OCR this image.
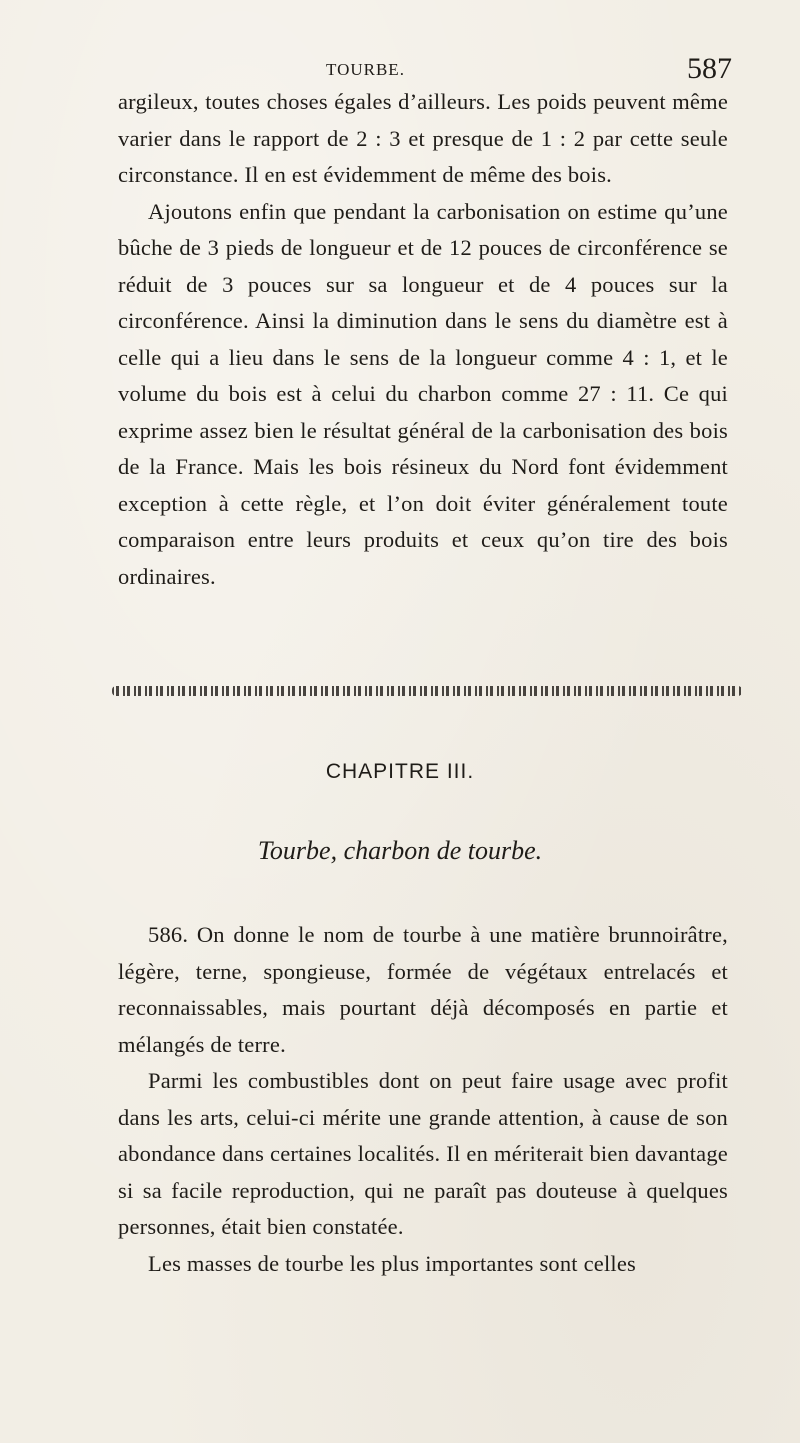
TOURBE.	587

argileux, toutes choses égales d’ailleurs. Les poids peuvent même varier dans le rapport de 2 : 3 et presque de 1 : 2 par cette seule circonstance. Il en est évidemment de même des bois.

Ajoutons enfin que pendant la carbonisation on estime qu’une bûche de 3 pieds de longueur et de 12 pouces de circonférence se réduit de 3 pouces sur sa longueur et de 4 pouces sur la circonférence. Ainsi la diminution dans le sens du diamètre est à celle qui a lieu dans le sens de la longueur comme 4 : 1, et le volume du bois est à celui du charbon comme 27 : 11. Ce qui exprime assez bien le résultat général de la carbonisation des bois de la France. Mais les bois résineux du Nord font évidemment exception à cette règle, et l’on doit éviter généralement toute comparaison entre leurs produits et ceux qu’on tire des bois ordinaires.

CHAPITRE III.
Tourbe, charbon de tourbe.

586. On donne le nom de tourbe à une matière brunnoirâtre, légère, terne, spongieuse, formée de végétaux entrelacés et reconnaissables, mais pourtant déjà décomposés en partie et mélangés de terre.

Parmi les combustibles dont on peut faire usage avec profit dans les arts, celui-ci mérite une grande attention, à cause de son abondance dans certaines localités. Il en mériterait bien davantage si sa facile reproduction, qui ne paraît pas douteuse à quelques personnes, était bien constatée.

Les masses de tourbe les plus importantes sont celles
